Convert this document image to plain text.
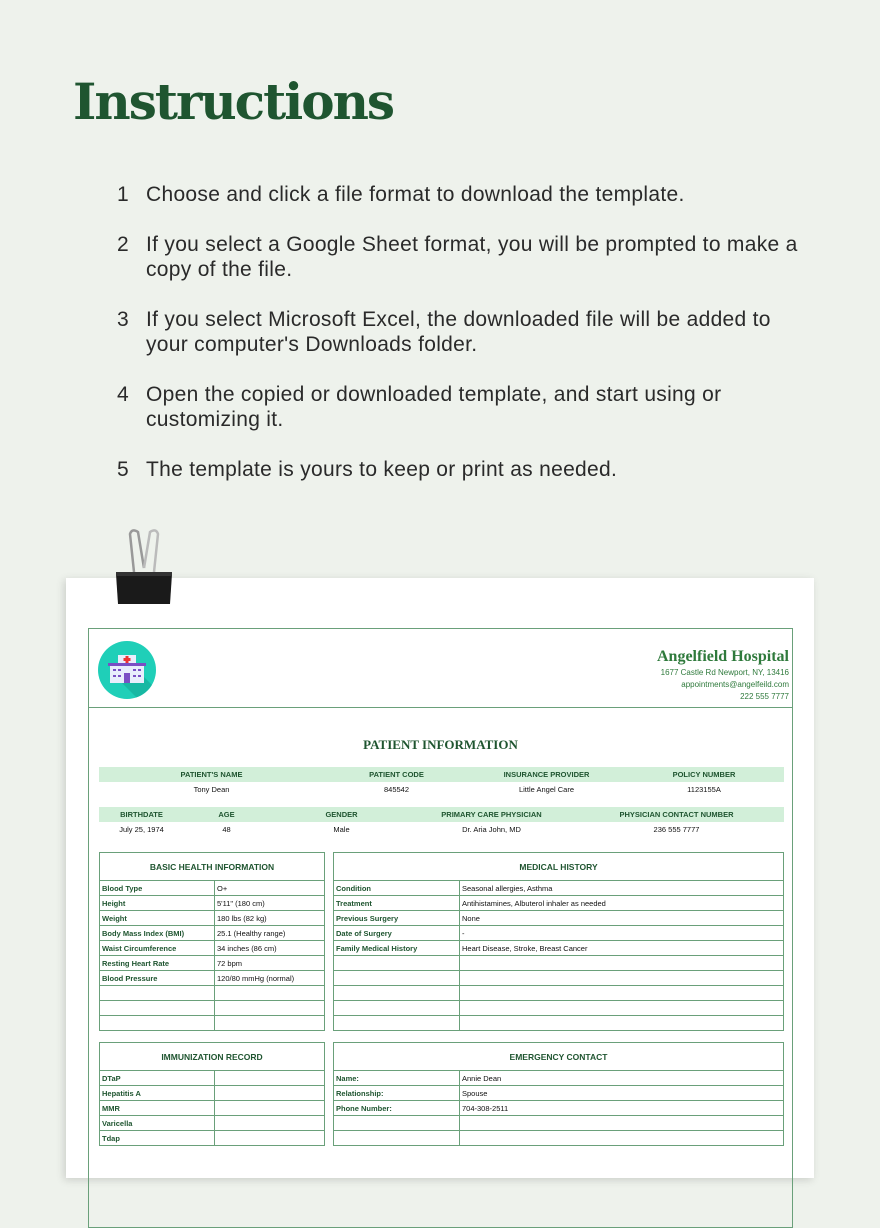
Instructions
1 Choose and click a file format to download the template.
2 If you select a Google Sheet format, you will be prompted to make a copy of the file.
3 If you select Microsoft Excel, the downloaded file will be added to your computer's Downloads folder.
4 Open the copied or downloaded template, and start using or customizing it.
5 The template is yours to keep or print as needed.
Angelfield Hospital
1677 Castle Rd Newport, NY, 13416
appointments@angelfeild.com
222 555 7777
PATIENT INFORMATION
PATIENT'S NAME	PATIENT CODE	INSURANCE PROVIDER	POLICY NUMBER
Tony Dean	845542	Little Angel Care	1123155A
BIRTHDATE	AGE	GENDER	PRIMARY CARE PHYSICIAN	PHYSICIAN CONTACT NUMBER
July 25, 1974	48	Male	Dr. Aria John, MD	236 555 7777
BASIC HEALTH INFORMATION	
Blood Type	O+
Height	5'11" (180 cm)
Weight	180 lbs (82 kg)
Body Mass Index (BMI)	25.1 (Healthy range)
Waist Circumference	34 inches (86 cm)
Resting Heart Rate	72 bpm
Blood Pressure	120/80 mmHg (normal)

MEDICAL HISTORY	
Condition	Seasonal allergies, Asthma
Treatment	Antihistamines, Albuterol inhaler as needed
Previous Surgery	None
Date of Surgery	-
Family Medical History	Heart Disease, Stroke, Breast Cancer

IMMUNIZATION RECORD	
DTaP	
Hepatitis A	
MMR	
Varicella	
Tdap	
EMERGENCY CONTACT	
Name:	Annie Dean
Relationship:	Spouse
Phone Number:	704-308-2511
